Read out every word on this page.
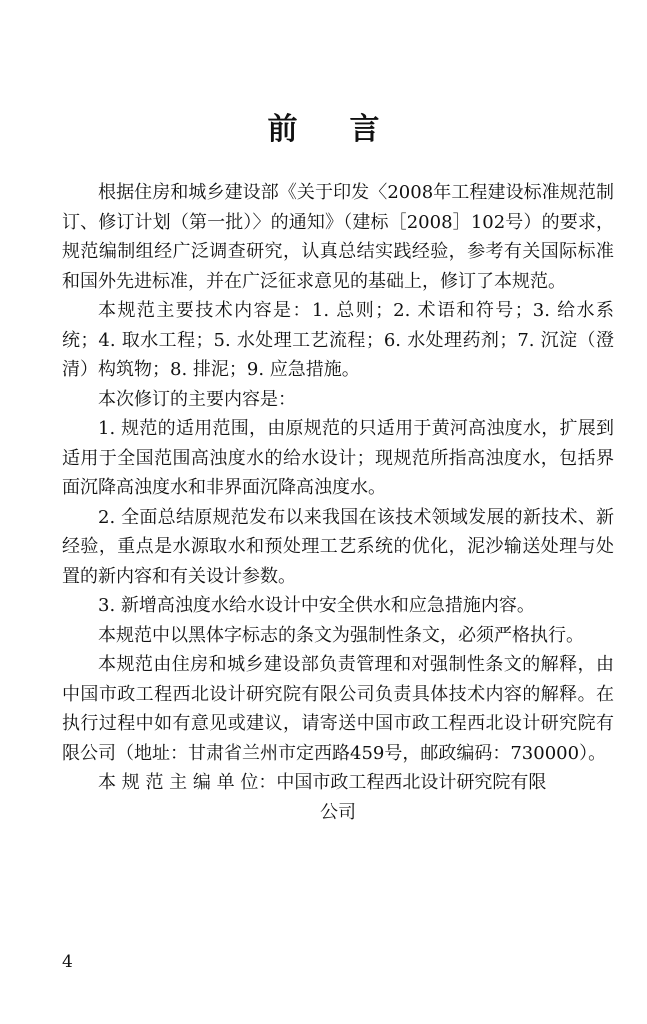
前 言

根据住房和城乡建设部《关于印发〈2008年工程建设标准规范制订、修订计划（第一批）〉的通知》（建标［2008］102号）的要求，规范编制组经广泛调查研究，认真总结实践经验，参考有关国际标准和国外先进标准，并在广泛征求意见的基础上，修订了本规范。

本规范主要技术内容是：1. 总则；2. 术语和符号；3. 给水系统；4. 取水工程；5. 水处理工艺流程；6. 水处理药剂；7. 沉淀（澄清）构筑物；8. 排泥；9. 应急措施。

本次修订的主要内容是：

1. 规范的适用范围，由原规范的只适用于黄河高浊度水，扩展到适用于全国范围高浊度水的给水设计；现规范所指高浊度水，包括界面沉降高浊度水和非界面沉降高浊度水。

2. 全面总结原规范发布以来我国在该技术领域发展的新技术、新经验，重点是水源取水和预处理工艺系统的优化，泥沙输送处理与处置的新内容和有关设计参数。

3. 新增高浊度水给水设计中安全供水和应急措施内容。

本规范中以黑体字标志的条文为强制性条文，必须严格执行。

本规范由住房和城乡建设部负责管理和对强制性条文的解释，由中国市政工程西北设计研究院有限公司负责具体技术内容的解释。在执行过程中如有意见或建议，请寄送中国市政工程西北设计研究院有限公司（地址：甘肃省兰州市定西路459号，邮政编码：730000）。

本 规 范 主 编 单 位：中国市政工程西北设计研究院有限
公司

4
